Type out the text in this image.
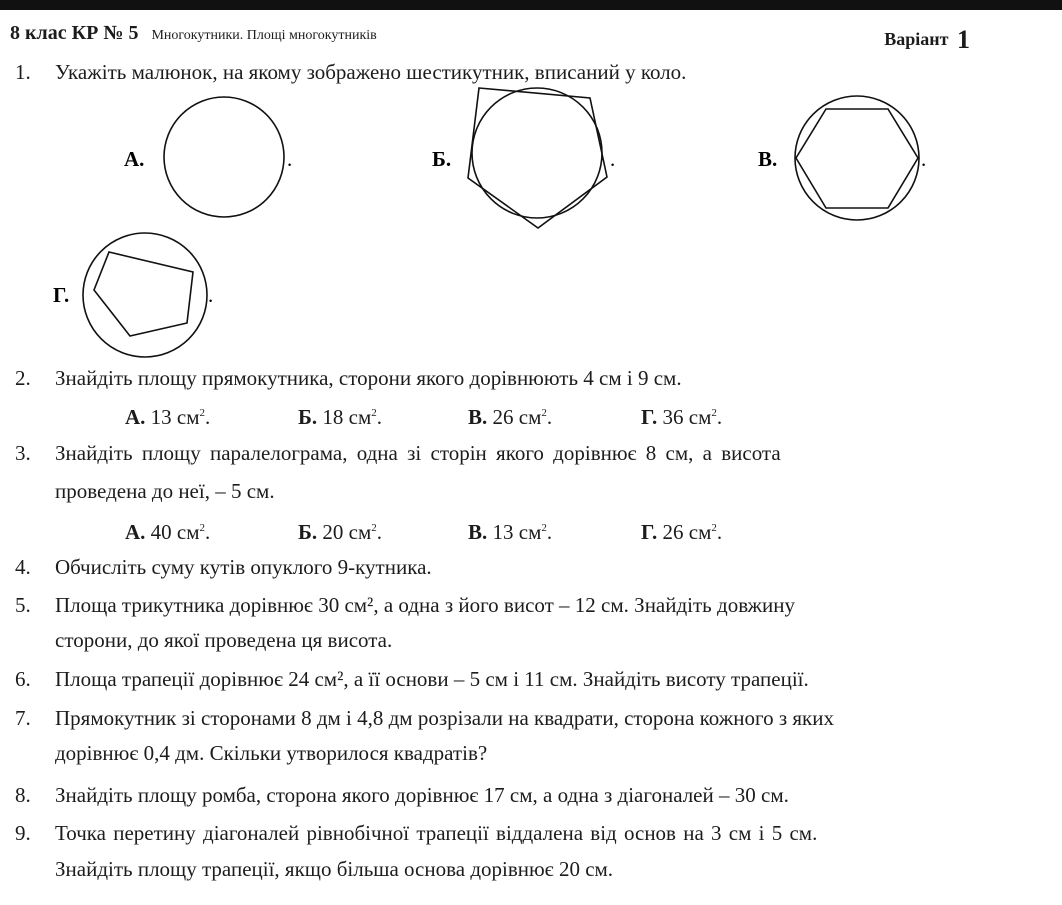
8 клас КР № 5 Многокутники. Площі многокутників	Варіант 1
1. Укажіть малюнок, на якому зображено шестикутник, вписаний у коло.
А.	.	Б.	.	В.	.
Г.	.
2. Знайдіть площу прямокутника, сторони якого дорівнюють 4 см і 9 см.
А. 13 $см^2$.	Б. 18 $см^2$.	В. 26 $см^2$.	Г. 36 $см^2$.
3. Знайдіть площу паралелограма, одна зі сторін якого дорівнює 8 см, а висота
проведена до неї, – 5 см.
А. 40 $см^2$.	Б. 20 $см^2$.	В. 13 $см^2$.	Г. 26 $см^2$.
4. Обчисліть суму кутів опуклого 9-кутника.
5. Площа трикутника дорівнює 30 см², а одна з його висот – 12 см. Знайдіть довжину
сторони, до якої проведена ця висота.
6. Площа трапеції дорівнює 24 см², а її основи – 5 см і 11 см. Знайдіть висоту трапеції.
7. Прямокутник зі сторонами 8 дм і 4,8 дм розрізали на квадрати, сторона кожного з яких
дорівнює 0,4 дм. Скільки утворилося квадратів?
8. Знайдіть площу ромба, сторона якого дорівнює 17 см, а одна з діагоналей – 30 см.
9. Точка перетину діагоналей рівнобічної трапеції віддалена від основ на 3 см і 5 см.
Знайдіть площу трапеції, якщо більша основа дорівнює 20 см.
